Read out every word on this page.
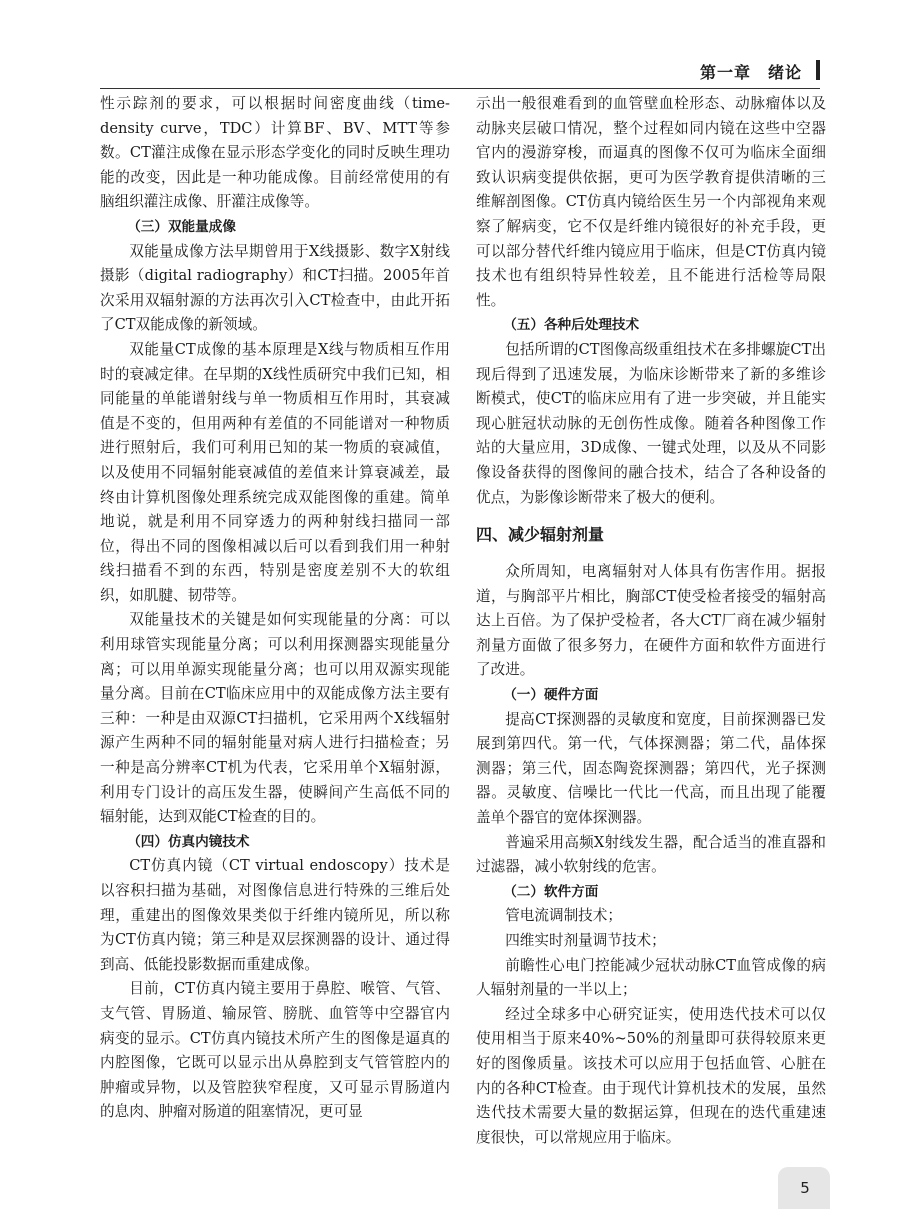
第一章　绪论

性示踪剂的要求，可以根据时间密度曲线（time-density curve，TDC）计算BF、BV、MTT等参数。CT灌注成像在显示形态学变化的同时反映生理功能的改变，因此是一种功能成像。目前经常使用的有脑组织灌注成像、肝灌注成像等。

（三）双能量成像

双能量成像方法早期曾用于X线摄影、数字X射线摄影（digital radiography）和CT扫描。2005年首次采用双辐射源的方法再次引入CT检查中，由此开拓了CT双能成像的新领域。

双能量CT成像的基本原理是X线与物质相互作用时的衰减定律。在早期的X线性质研究中我们已知，相同能量的单能谱射线与单一物质相互作用时，其衰减值是不变的，但用两种有差值的不同能谱对一种物质进行照射后，我们可利用已知的某一物质的衰减值，以及使用不同辐射能衰减值的差值来计算衰减差，最终由计算机图像处理系统完成双能图像的重建。简单地说，就是利用不同穿透力的两种射线扫描同一部位，得出不同的图像相减以后可以看到我们用一种射线扫描看不到的东西，特别是密度差别不大的软组织，如肌腱、韧带等。

双能量技术的关键是如何实现能量的分离：可以利用球管实现能量分离；可以利用探测器实现能量分离；可以用单源实现能量分离；也可以用双源实现能量分离。目前在CT临床应用中的双能成像方法主要有三种：一种是由双源CT扫描机，它采用两个X线辐射源产生两种不同的辐射能量对病人进行扫描检查；另一种是高分辨率CT机为代表，它采用单个X辐射源，利用专门设计的高压发生器，使瞬间产生高低不同的辐射能，达到双能CT检查的目的。

（四）仿真内镜技术

CT仿真内镜（CT virtual endoscopy）技术是以容积扫描为基础，对图像信息进行特殊的三维后处理，重建出的图像效果类似于纤维内镜所见，所以称为CT仿真内镜；第三种是双层探测器的设计、通过得到高、低能投影数据而重建成像。

目前，CT仿真内镜主要用于鼻腔、喉管、气管、支气管、胃肠道、输尿管、膀胱、血管等中空器官内病变的显示。CT仿真内镜技术所产生的图像是逼真的内腔图像，它既可以显示出从鼻腔到支气管管腔内的肿瘤或异物，以及管腔狭窄程度，又可显示胃肠道内的息肉、肿瘤对肠道的阻塞情况，更可显

示出一般很难看到的血管壁血栓形态、动脉瘤体以及动脉夹层破口情况，整个过程如同内镜在这些中空器官内的漫游穿梭，而逼真的图像不仅可为临床全面细致认识病变提供依据，更可为医学教育提供清晰的三维解剖图像。CT仿真内镜给医生另一个内部视角来观察了解病变，它不仅是纤维内镜很好的补充手段，更可以部分替代纤维内镜应用于临床，但是CT仿真内镜技术也有组织特异性较差，且不能进行活检等局限性。

（五）各种后处理技术

包括所谓的CT图像高级重组技术在多排螺旋CT出现后得到了迅速发展，为临床诊断带来了新的多维诊断模式，使CT的临床应用有了进一步突破，并且能实现心脏冠状动脉的无创伤性成像。随着各种图像工作站的大量应用，3D成像、一键式处理，以及从不同影像设备获得的图像间的融合技术，结合了各种设备的优点，为影像诊断带来了极大的便利。

四、减少辐射剂量

众所周知，电离辐射对人体具有伤害作用。据报道，与胸部平片相比，胸部CT使受检者接受的辐射高达上百倍。为了保护受检者，各大CT厂商在减少辐射剂量方面做了很多努力，在硬件方面和软件方面进行了改进。

（一）硬件方面

提高CT探测器的灵敏度和宽度，目前探测器已发展到第四代。第一代，气体探测器；第二代，晶体探测器；第三代，固态陶瓷探测器；第四代，光子探测器。灵敏度、信噪比一代比一代高，而且出现了能覆盖单个器官的宽体探测器。

普遍采用高频X射线发生器，配合适当的准直器和过滤器，减小软射线的危害。

（二）软件方面

管电流调制技术；

四维实时剂量调节技术；

前瞻性心电门控能减少冠状动脉CT血管成像的病人辐射剂量的一半以上；

经过全球多中心研究证实，使用迭代技术可以仅使用相当于原来40%~50%的剂量即可获得较原来更好的图像质量。该技术可以应用于包括血管、心脏在内的各种CT检查。由于现代计算机技术的发展，虽然迭代技术需要大量的数据运算，但现在的迭代重建速度很快，可以常规应用于临床。

5
